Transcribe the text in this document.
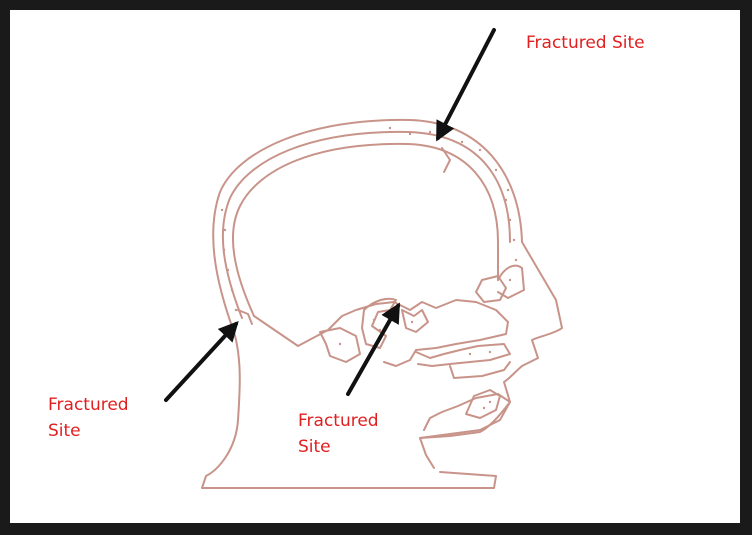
Fractured Site
Fractured
Site	Fractured
Site
